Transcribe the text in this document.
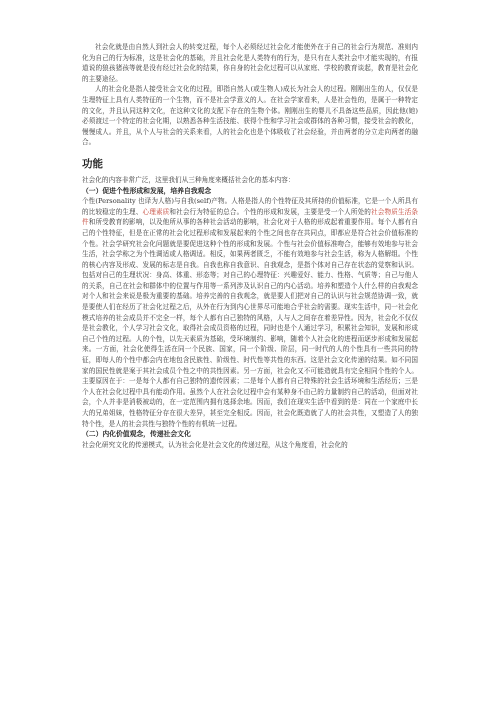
社会化就是由自然人到社会人的转变过程，每个人必须经过社会化才能使外在于自己的社会行为规范、准则内化为自己的行为标准，这是社会化的基础，并且社会化是人类特有的行为，是只有在人类社会中才能实现的，有报道说的狼孩猪孩等就是没有经过社会化的结果，你自身的社会化过程可以从家庭、学校的教育谈起，教育是社会化的主要途径。

人的社会化是指人接受社会文化的过程，即指自然人(或生物人)成长为社会人的过程。刚刚出生的人，仅仅是生理特征上具有人类特征的一个生物，而不是社会学意义的人。在社会学家看来，人是社会性的，是属于一种特定的文化，并且认同这种文化，在这种文化的支配下存在的生物个体。刚刚出生的婴儿不具备这些品质，因此他(她)必须渡过一个特定的社会化期，以熟悉各种生活技能、获得个性和学习社会或群体的各种习惯，接受社会的教化，慢慢成人。并且，从个人与社会的关系来看，人的社会化也是个体吸收了社会经验，并由两者的分立走向两者的融合。

功能

社会化的内容非常广泛，这里我们从三种角度来概括社会化的基本内容：

（一）促进个性形成和发展，培养自我观念

个性(Personality 也译为人格)与自我(self)产物。人格是指人的个性特征及其所持的价值标准，它是一个人所具有的比较稳定的生理、心理素质和社会行为特征的总合。个性的形成和发展，主要是受一个人所处的社会物质生活条件和所受教育的影响，以及他所从事的各种社会活动的影响，社会化对于人格的形成起着重要作用。每个人都有自己的个性特征，但是在正常的社会化过程形成和发展起来的个性之间也存在共同点，即都应是符合社会价值标准的个性。社会学研究社会化问题就是要促进这种个性的形成和发展。个性与社会价值标准吻合，能够有效地参与社会生活，社会学称之为个性调适或人格调适。相反，如果两者匮乏，不能有效地参与社会生活，称为人格解组。个性的核心内容及形成、发展的标志是自我。自我也称自我意识、自我观念，是指个体对自己存在状态的觉察和认识。包括对自己的生理状况：身高、体重、形态等；对自己的心理特征：兴趣爱好、能力、性格、气质等；自己与他人的关系，自己在社会和群体中的位置与作用等一系列涉及认识自己的内心活动。培养和塑造个人什么样的自我观念对个人和社会来说是极为重要的基础。培养完善的自我观念，就是要人们把对自己的认识与社会规范协调一致，就是要使人们在经历了社会化过程之后，从外在行为到内心世界尽可能地合乎社会的需要。现实生活中，同一社会化模式培养的社会成员并不完全一样，每个人都有自己独特的风格，人与人之间存在着差异性。因为，社会化不仅仅是社会教化，个人学习社会文化，取得社会成员资格的过程，同时也是个人通过学习，积累社会知识，发展和形成自己个性的过程。人的个性，以先天素质为基础，受环境制约、影响，随着个人社会化的进程而逐步形成和发展起来。一方面，社会化使得生活在同一个民族、国家，同一个阶级、阶层，同一时代的人的个性具有一些共同的特征，即每人的个性中都会内在地包含民族性、阶级性、时代性等共性的东西。这是社会文化传递的结果。如不同国家的国民性就是案于其社会成员个性之中的共性因素。另一方面，社会化又不可能造就具有完全相同个性的个人。主要原因在于：一是每个人都有自己独特的遗传因素；二是每个人都有自己特殊的社会生活环境和生活经历；三是个人在社会化过程中具有能动作用。虽然个人在社会化过程中会有某种身不由己的力量制约自己的活动，但面对社会，个人并非是消极被动的，在一定范围内拥有选择余地。因而，我们在现实生活中看到的是：同在一个家庭中长大的兄弟姐妹，性格特征分存在很大差异，甚至完全相反。因而，社会化既造就了人的社会共性，又塑造了人的独特个性，是人的社会共性与独特个性的有机统一过程。

（二）内化价值观念，传递社会文化

社会化研究文化的传递模式，认为社会化是社会文化的传递过程，从这个角度看，社会化的
